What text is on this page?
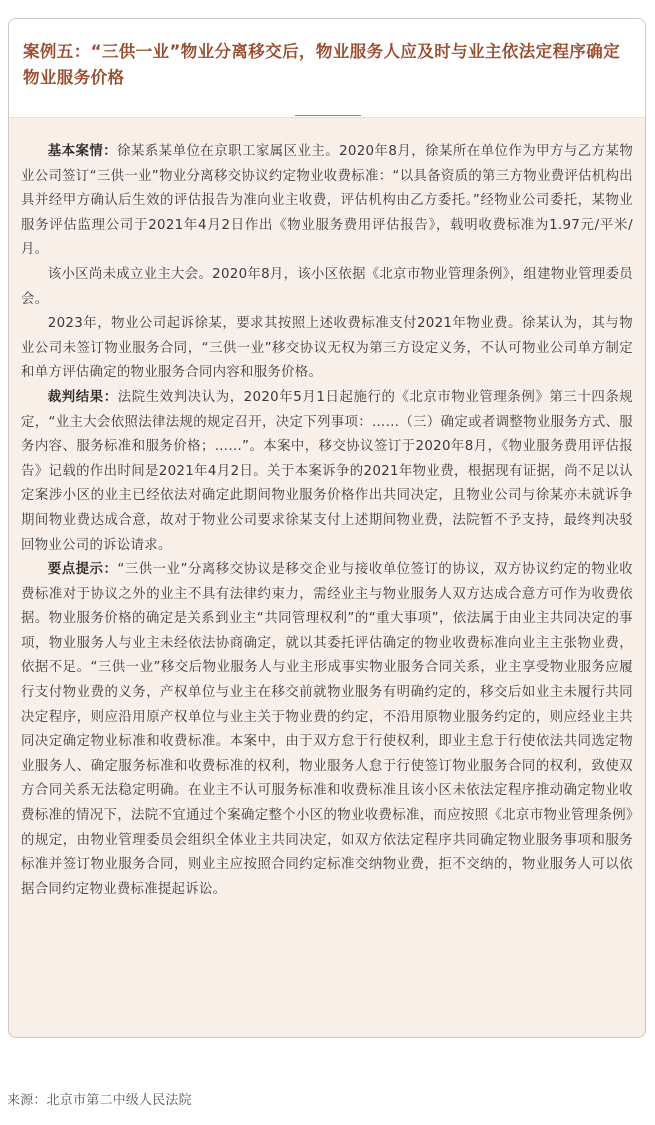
案例五：“三供一业”物业分离移交后，物业服务人应及时与业主依法定程序确定物业服务价格

基本案情：徐某系某单位在京职工家属区业主。2020年8月，徐某所在单位作为甲方与乙方某物业公司签订“三供一业”物业分离移交协议约定物业收费标准：“以具备资质的第三方物业费评估机构出具并经甲方确认后生效的评估报告为准向业主收费，评估机构由乙方委托。”经物业公司委托，某物业服务评估监理公司于2021年4月2日作出《物业服务费用评估报告》，载明收费标准为1.97元/平米/月。

该小区尚未成立业主大会。2020年8月，该小区依据《北京市物业管理条例》，组建物业管理委员会。

2023年，物业公司起诉徐某，要求其按照上述收费标准支付2021年物业费。徐某认为，其与物业公司未签订物业服务合同，“三供一业”移交协议无权为第三方设定义务，不认可物业公司单方制定和单方评估确定的物业服务合同内容和服务价格。

裁判结果：法院生效判决认为，2020年5月1日起施行的《北京市物业管理条例》第三十四条规定，“业主大会依照法律法规的规定召开，决定下列事项：……（三）确定或者调整物业服务方式、服务内容、服务标准和服务价格；……”。本案中，移交协议签订于2020年8月，《物业服务费用评估报告》记载的作出时间是2021年4月2日。关于本案诉争的2021年物业费，根据现有证据，尚不足以认定案涉小区的业主已经依法对确定此期间物业服务价格作出共同决定，且物业公司与徐某亦未就诉争期间物业费达成合意，故对于物业公司要求徐某支付上述期间物业费，法院暂不予支持，最终判决驳回物业公司的诉讼请求。

要点提示：“三供一业”分离移交协议是移交企业与接收单位签订的协议，双方协议约定的物业收费标准对于协议之外的业主不具有法律约束力，需经业主与物业服务人双方达成合意方可作为收费依据。物业服务价格的确定是关系到业主“共同管理权利”的“重大事项”，依法属于由业主共同决定的事项，物业服务人与业主未经依法协商确定，就以其委托评估确定的物业收费标准向业主主张物业费，依据不足。“三供一业”移交后物业服务人与业主形成事实物业服务合同关系，业主享受物业服务应履行支付物业费的义务，产权单位与业主在移交前就物业服务有明确约定的，移交后如业主未履行共同决定程序，则应沿用原产权单位与业主关于物业费的约定，不沿用原物业服务约定的，则应经业主共同决定确定物业标准和收费标准。本案中，由于双方怠于行使权利，即业主怠于行使依法共同选定物业服务人、确定服务标准和收费标准的权利，物业服务人怠于行使签订物业服务合同的权利，致使双方合同关系无法稳定明确。在业主不认可服务标准和收费标准且该小区未依法定程序推动确定物业收费标准的情况下，法院不宜通过个案确定整个小区的物业收费标准，而应按照《北京市物业管理条例》的规定，由物业管理委员会组织全体业主共同决定，如双方依法定程序共同确定物业服务事项和服务标准并签订物业服务合同，则业主应按照合同约定标准交纳物业费，拒不交纳的，物业服务人可以依据合同约定物业费标准提起诉讼。

来源：北京市第二中级人民法院
